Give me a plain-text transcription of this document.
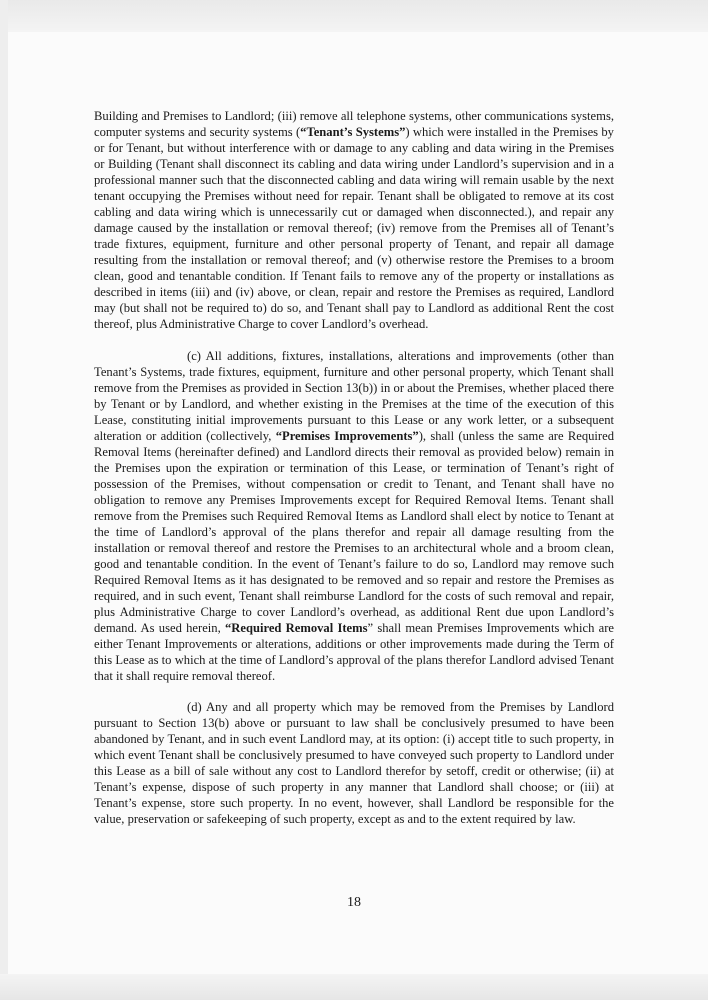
Building and Premises to Landlord; (iii) remove all telephone systems, other communications systems, computer systems and security systems (“Tenant’s Systems”) which were installed in the Premises by or for Tenant, but without interference with or damage to any cabling and data wiring in the Premises or Building (Tenant shall disconnect its cabling and data wiring under Landlord’s supervision and in a professional manner such that the disconnected cabling and data wiring will remain usable by the next tenant occupying the Premises without need for repair. Tenant shall be obligated to remove at its cost cabling and data wiring which is unnecessarily cut or damaged when disconnected.), and repair any damage caused by the installation or removal thereof; (iv) remove from the Premises all of Tenant’s trade fixtures, equipment, furniture and other personal property of Tenant, and repair all damage resulting from the installation or removal thereof; and (v) otherwise restore the Premises to a broom clean, good and tenantable condition. If Tenant fails to remove any of the property or installations as described in items (iii) and (iv) above, or clean, repair and restore the Premises as required, Landlord may (but shall not be required to) do so, and Tenant shall pay to Landlord as additional Rent the cost thereof, plus Administrative Charge to cover Landlord’s overhead.

(c) All additions, fixtures, installations, alterations and improvements (other than Tenant’s Systems, trade fixtures, equipment, furniture and other personal property, which Tenant shall remove from the Premises as provided in Section 13(b)) in or about the Premises, whether placed there by Tenant or by Landlord, and whether existing in the Premises at the time of the execution of this Lease, constituting initial improvements pursuant to this Lease or any work letter, or a subsequent alteration or addition (collectively, “Premises Improvements”), shall (unless the same are Required Removal Items (hereinafter defined) and Landlord directs their removal as provided below) remain in the Premises upon the expiration or termination of this Lease, or termination of Tenant’s right of possession of the Premises, without compensation or credit to Tenant, and Tenant shall have no obligation to remove any Premises Improvements except for Required Removal Items. Tenant shall remove from the Premises such Required Removal Items as Landlord shall elect by notice to Tenant at the time of Landlord’s approval of the plans therefor and repair all damage resulting from the installation or removal thereof and restore the Premises to an architectural whole and a broom clean, good and tenantable condition. In the event of Tenant’s failure to do so, Landlord may remove such Required Removal Items as it has designated to be removed and so repair and restore the Premises as required, and in such event, Tenant shall reimburse Landlord for the costs of such removal and repair, plus Administrative Charge to cover Landlord’s overhead, as additional Rent due upon Landlord’s demand. As used herein, “Required Removal Items” shall mean Premises Improvements which are either Tenant Improvements or alterations, additions or other improvements made during the Term of this Lease as to which at the time of Landlord’s approval of the plans therefor Landlord advised Tenant that it shall require removal thereof.

(d) Any and all property which may be removed from the Premises by Landlord pursuant to Section 13(b) above or pursuant to law shall be conclusively presumed to have been abandoned by Tenant, and in such event Landlord may, at its option: (i) accept title to such property, in which event Tenant shall be conclusively presumed to have conveyed such property to Landlord under this Lease as a bill of sale without any cost to Landlord therefor by setoff, credit or otherwise; (ii) at Tenant’s expense, dispose of such property in any manner that Landlord shall choose; or (iii) at Tenant’s expense, store such property. In no event, however, shall Landlord be responsible for the value, preservation or safekeeping of such property, except as and to the extent required by law.

18
